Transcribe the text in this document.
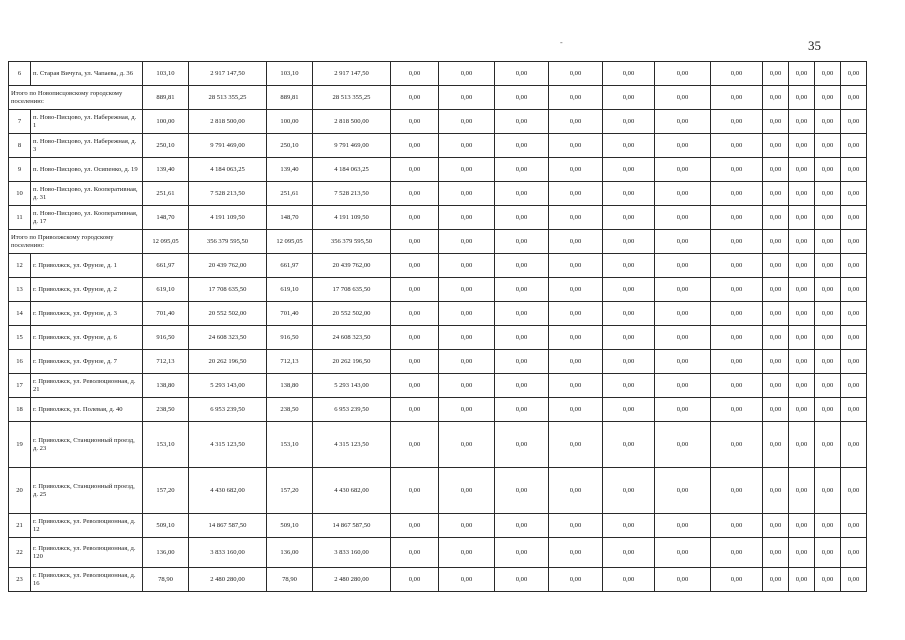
35
-
6	п. Старая Вичуга, ул. Чапаева, д. 36	103,10	2 917 147,50	103,10	2 917 147,50	0,00	0,00	0,00	0,00	0,00	0,00	0,00	0,00	0,00	0,00	0,00
Итого по Новописцовскому городскому поселению:		889,81	28 513 355,25	889,81	28 513 355,25	0,00	0,00	0,00	0,00	0,00	0,00	0,00	0,00	0,00	0,00	0,00
7	п. Ново-Писцово, ул. Набережная, д. 1	100,00	2 818 500,00	100,00	2 818 500,00	0,00	0,00	0,00	0,00	0,00	0,00	0,00	0,00	0,00	0,00	0,00
8	п. Ново-Писцово, ул. Набережная, д. 3	250,10	9 791 469,00	250,10	9 791 469,00	0,00	0,00	0,00	0,00	0,00	0,00	0,00	0,00	0,00	0,00	0,00
9	п. Ново-Писцово, ул. Осипенко, д. 19	139,40	4 184 063,25	139,40	4 184 063,25	0,00	0,00	0,00	0,00	0,00	0,00	0,00	0,00	0,00	0,00	0,00
10	п. Ново-Писцово, ул. Кооперативная, д. 31	251,61	7 528 213,50	251,61	7 528 213,50	0,00	0,00	0,00	0,00	0,00	0,00	0,00	0,00	0,00	0,00	0,00
11	п. Ново-Писцово, ул. Кооперативная, д. 17	148,70	4 191 109,50	148,70	4 191 109,50	0,00	0,00	0,00	0,00	0,00	0,00	0,00	0,00	0,00	0,00	0,00
Итого по Приволжскому городскому поселению:		12 095,05	356 379 595,50	12 095,05	356 379 595,50	0,00	0,00	0,00	0,00	0,00	0,00	0,00	0,00	0,00	0,00	0,00
12	г. Приволжск, ул. Фрунзе, д. 1	661,97	20 439 762,00	661,97	20 439 762,00	0,00	0,00	0,00	0,00	0,00	0,00	0,00	0,00	0,00	0,00	0,00
13	г. Приволжск, ул. Фрунзе, д. 2	619,10	17 708 635,50	619,10	17 708 635,50	0,00	0,00	0,00	0,00	0,00	0,00	0,00	0,00	0,00	0,00	0,00
14	г. Приволжск, ул. Фрунзе, д. 3	701,40	20 552 502,00	701,40	20 552 502,00	0,00	0,00	0,00	0,00	0,00	0,00	0,00	0,00	0,00	0,00	0,00
15	г. Приволжск, ул. Фрунзе, д. 6	916,50	24 608 323,50	916,50	24 608 323,50	0,00	0,00	0,00	0,00	0,00	0,00	0,00	0,00	0,00	0,00	0,00
16	г. Приволжск, ул. Фрунзе, д. 7	712,13	20 262 196,50	712,13	20 262 196,50	0,00	0,00	0,00	0,00	0,00	0,00	0,00	0,00	0,00	0,00	0,00
17	г. Приволжск, ул. Революционная, д. 21	138,80	5 293 143,00	138,80	5 293 143,00	0,00	0,00	0,00	0,00	0,00	0,00	0,00	0,00	0,00	0,00	0,00
18	г. Приволжск, ул. Полевая, д. 40	238,50	6 953 239,50	238,50	6 953 239,50	0,00	0,00	0,00	0,00	0,00	0,00	0,00	0,00	0,00	0,00	0,00
19	г. Приволжск, Станционный проезд, д. 23	153,10	4 315 123,50	153,10	4 315 123,50	0,00	0,00	0,00	0,00	0,00	0,00	0,00	0,00	0,00	0,00	0,00
20	г. Приволжск, Станционный проезд, д. 25	157,20	4 430 682,00	157,20	4 430 682,00	0,00	0,00	0,00	0,00	0,00	0,00	0,00	0,00	0,00	0,00	0,00
21	г. Приволжск, ул. Революционная, д. 12	509,10	14 867 587,50	509,10	14 867 587,50	0,00	0,00	0,00	0,00	0,00	0,00	0,00	0,00	0,00	0,00	0,00
22	г. Приволжск, ул. Революционная, д. 120	136,00	3 833 160,00	136,00	3 833 160,00	0,00	0,00	0,00	0,00	0,00	0,00	0,00	0,00	0,00	0,00	0,00
23	г. Приволжск, ул. Революционная, д. 16	78,90	2 480 280,00	78,90	2 480 280,00	0,00	0,00	0,00	0,00	0,00	0,00	0,00	0,00	0,00	0,00	0,00
